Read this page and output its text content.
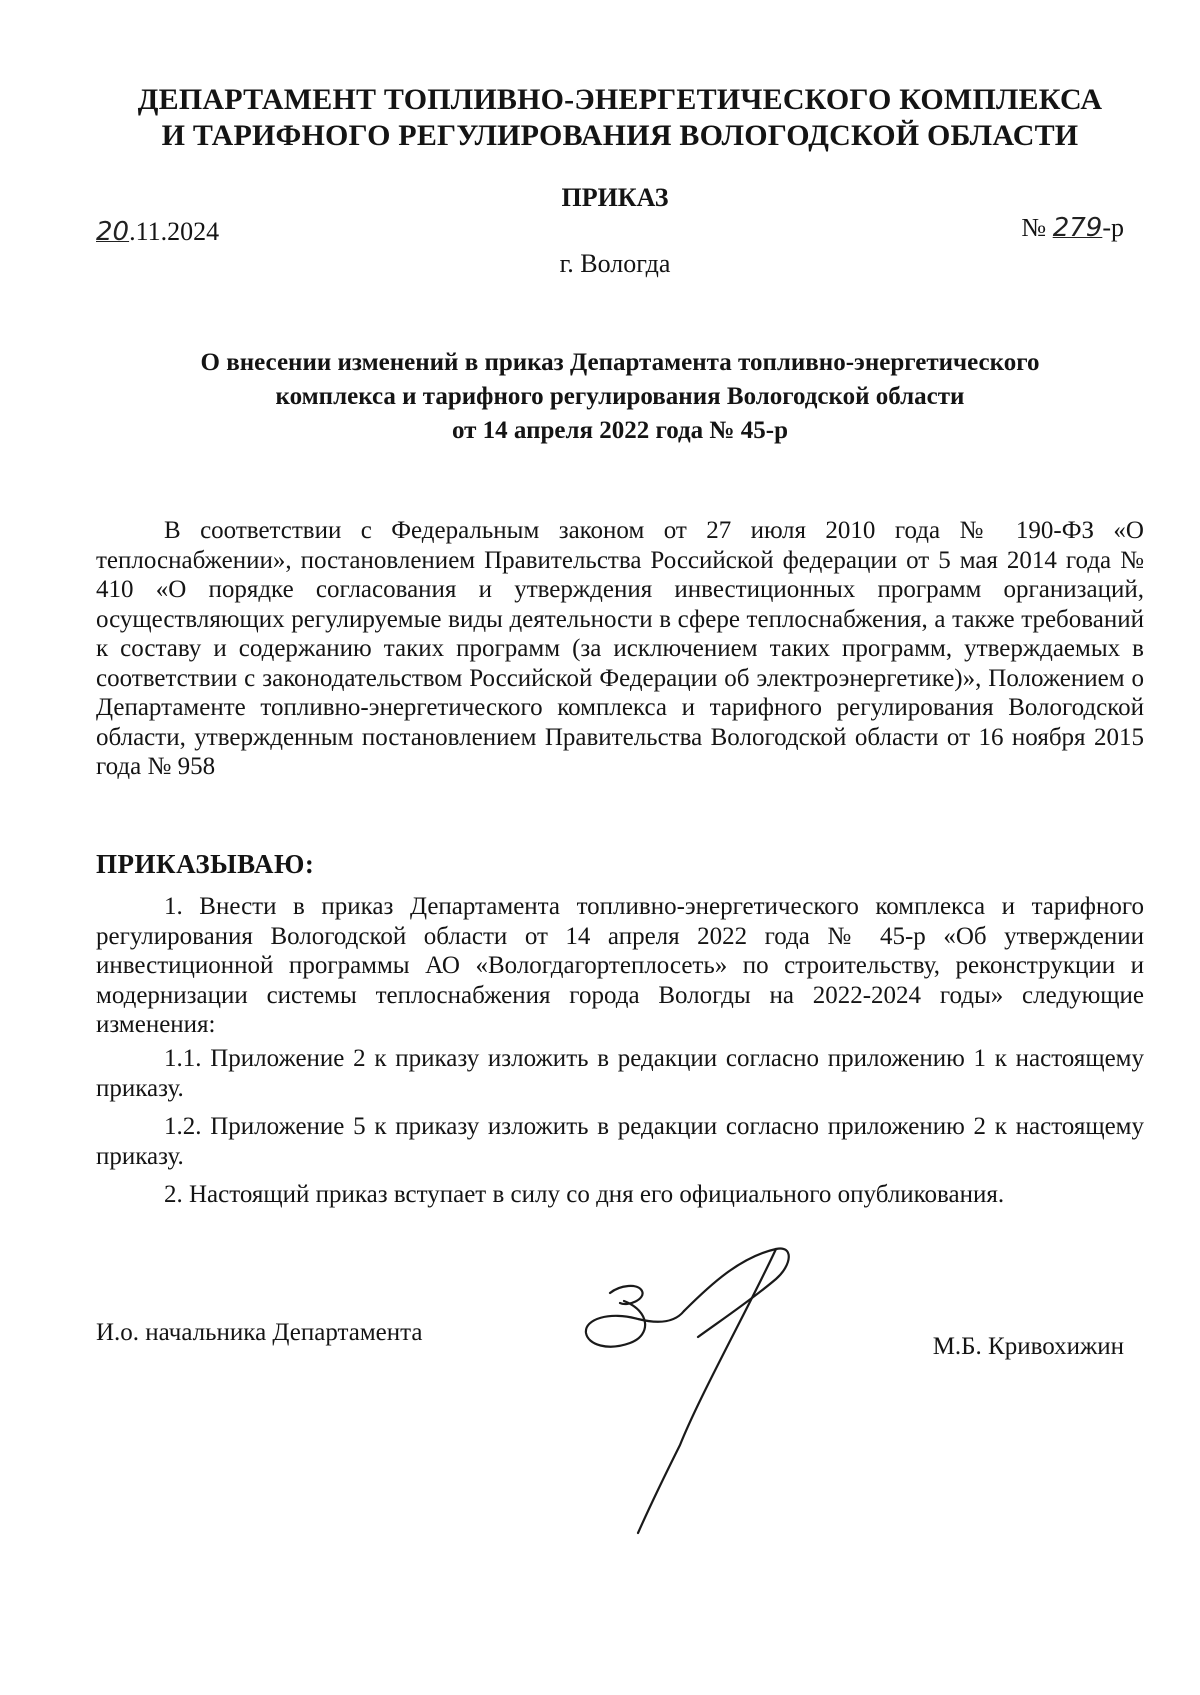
ДЕПАРТАМЕНТ ТОПЛИВНО-ЭНЕРГЕТИЧЕСКОГО КОМПЛЕКСА
И ТАРИФНОГО РЕГУЛИРОВАНИЯ ВОЛОГОДСКОЙ ОБЛАСТИ
ПРИКАЗ
20.11.2024	№ 279-р
г. Вологда
О внесении изменений в приказ Департамента топливно-энергетического
комплекса и тарифного регулирования Вологодской области
от 14 апреля 2022 года № 45-р

В соответствии с Федеральным законом от 27 июля 2010 года № 190-ФЗ «О теплоснабжении», постановлением Правительства Российской федерации от 5 мая 2014 года № 410 «О порядке согласования и утверждения инвестиционных программ организаций, осуществляющих регулируемые виды деятельности в сфере теплоснабжения, а также требований к составу и содержанию таких программ (за исключением таких программ, утверждаемых в соответствии с законодательством Российской Федерации об электроэнергетике)», Положением о Департаменте топливно-энергетического комплекса и тарифного регулирования Вологодской области, утвержденным постановлением Правительства Вологодской области от 16 ноября 2015 года № 958

ПРИКАЗЫВАЮ:

1. Внести в приказ Департамента топливно-энергетического комплекса и тарифного регулирования Вологодской области от 14 апреля 2022 года № 45-р «Об утверждении инвестиционной программы АО «Вологдагортеплосеть» по строительству, реконструкции и модернизации системы теплоснабжения города Вологды на 2022-2024 годы» следующие изменения:

1.1. Приложение 2 к приказу изложить в редакции согласно приложению 1 к настоящему приказу.

1.2. Приложение 5 к приказу изложить в редакции согласно приложению 2 к настоящему приказу.

2. Настоящий приказ вступает в силу со дня его официального опубликования.

И.о. начальника Департамента
М.Б. Кривохижин
